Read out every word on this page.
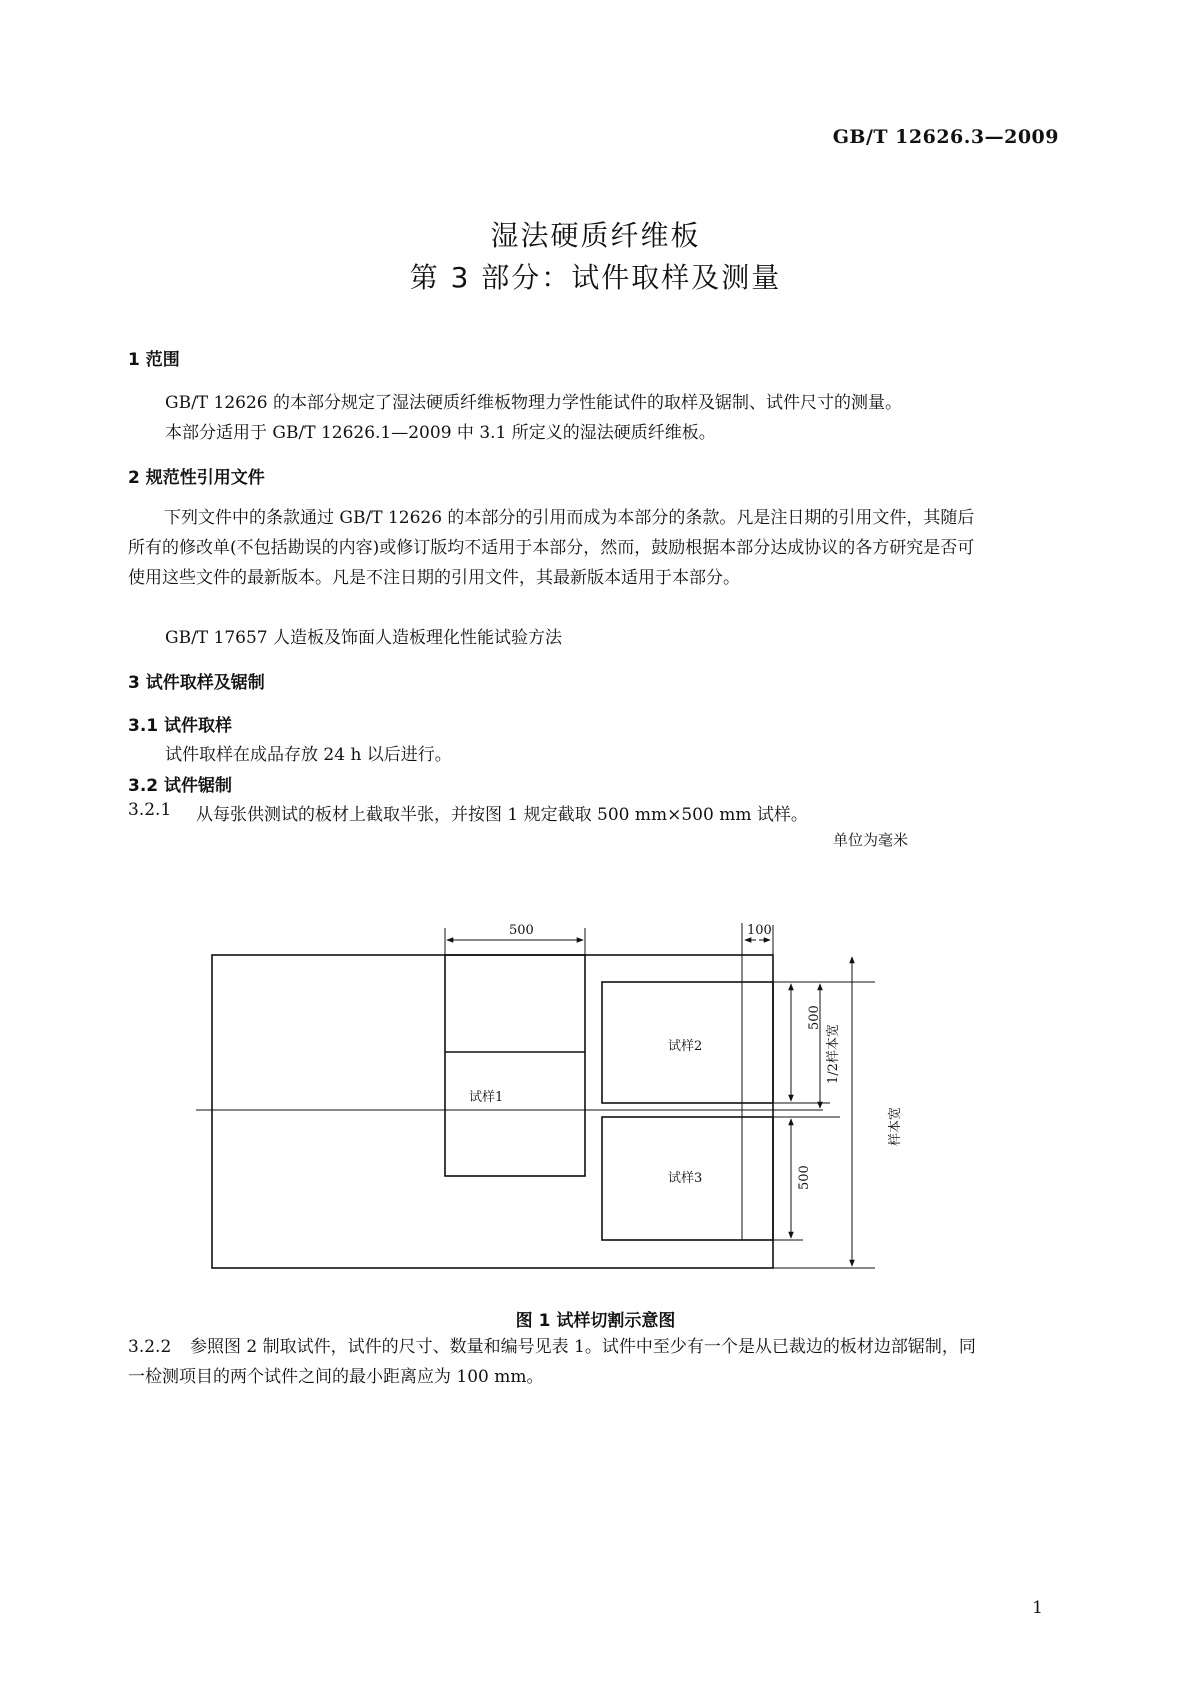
GB/T 12626.3—2009
湿法硬质纤维板
第 3 部分：试件取样及测量
1 范围
GB/T 12626 的本部分规定了湿法硬质纤维板物理力学性能试件的取样及锯制、试件尺寸的测量。
本部分适用于 GB/T 12626.1—2009 中 3.1 所定义的湿法硬质纤维板。
2 规范性引用文件
下列文件中的条款通过 GB/T 12626 的本部分的引用而成为本部分的条款。凡是注日期的引用文件，其随后所有的修改单(不包括勘误的内容)或修订版均不适用于本部分，然而，鼓励根据本部分达成协议的各方研究是否可使用这些文件的最新版本。凡是不注日期的引用文件，其最新版本适用于本部分。
GB/T 17657 人造板及饰面人造板理化性能试验方法
3 试件取样及锯制
3.1 试件取样
试件取样在成品存放 24 h 以后进行。
3.2 试件锯制
3.2.1 从每张供测试的板材上截取半张，并按图 1 规定截取 500 mm×500 mm 试样。
单位为毫米
500	100
500
500
1/2样本宽
样本宽
试样1
试样2
试样3
图 1 试样切割示意图
3.2.2	参照图 2 制取试件，试件的尺寸、数量和编号见表 1。试件中至少有一个是从已裁边的板材边部锯制，同一检测项目的两个试件之间的最小距离应为 100 mm。
1
